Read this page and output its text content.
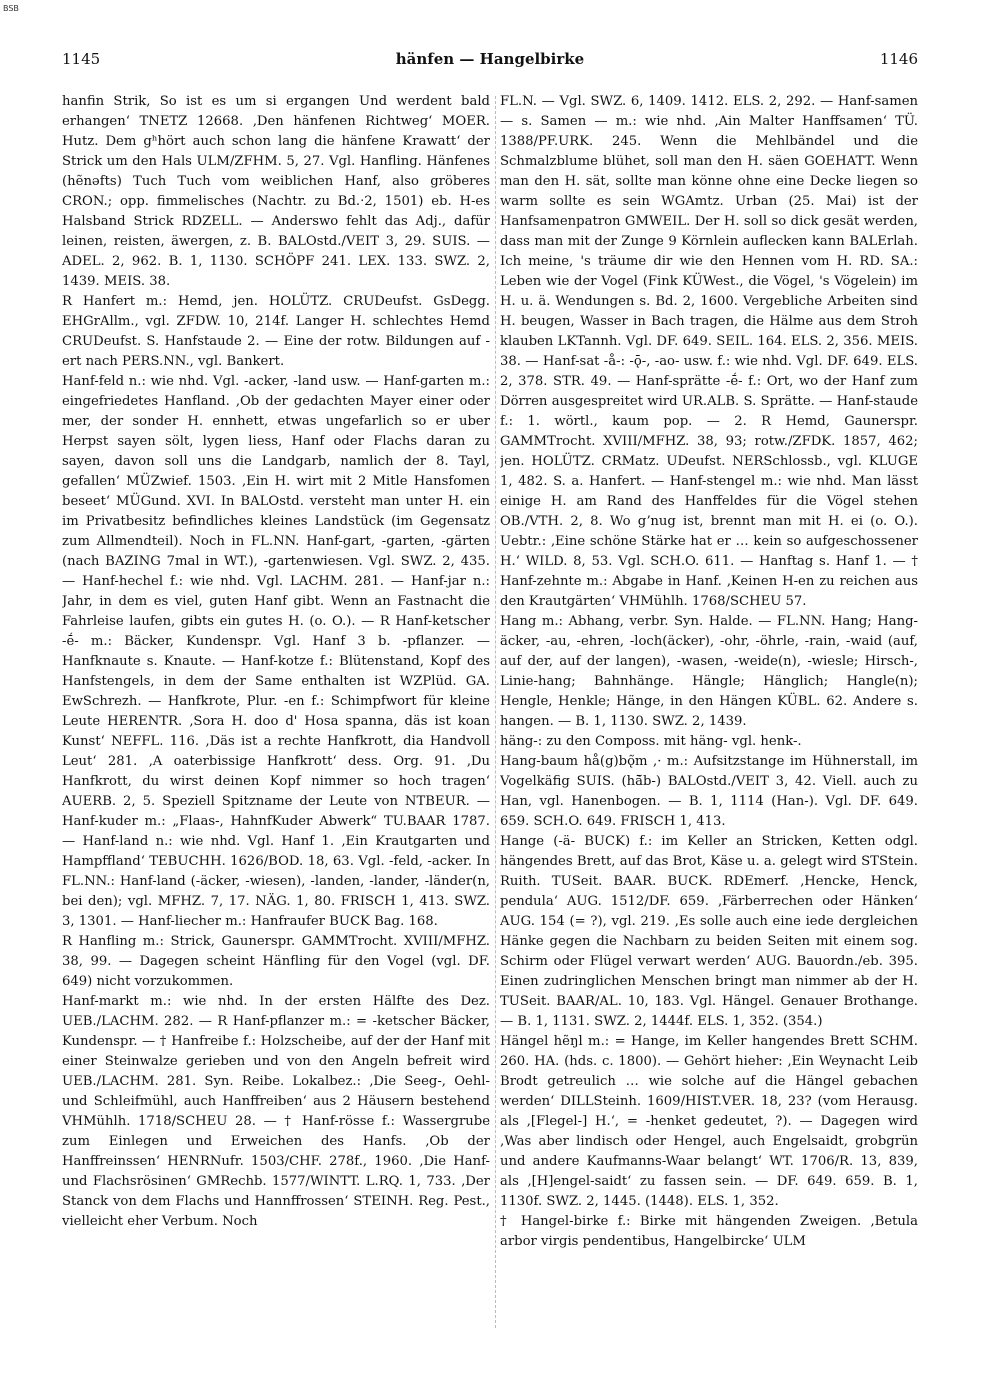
BSB
1145	hänfen — Hangelbirke	1146

hanfin Strik, So ist es um si ergangen Und werdent bald erhangen‘ TNETZ 12668. ‚Den hänfenen Richtweg‘ MOER. Hutz. Dem gʰhört auch schon lang die hänfene Krawatt‘ der Strick um den Hals ULM/ZFHM. 5, 27. Vgl. Hanfling. Hänfenes (hẽnəfts) Tuch Tuch vom weiblichen Hanf, also gröberes CRON.; opp. fimmelisches (Nachtr. zu Bd.‧2, 1501) eb. H-es Halsband Strick RDZELL. — Anderswo fehlt das Adj., dafür leinen, reisten, äwergen, z. B. BALOstd./VEIT 3, 29. SUIS. — ADEL. 2, 962. B. 1, 1130. SCHÖPF 241. LEX. 133. SWZ. 2, 1439. MEIS. 38.

R Hanfert m.: Hemd, jen. HOLÜTZ. CRUDeufst. GsDegg. EHGrAllm., vgl. ZFDW. 10, 214f. Langer H. schlechtes Hemd CRUDeufst. S. Hanfstaude 2. — Eine der rotw. Bildungen auf -ert nach PERS.NN., vgl. Bankert.

Hanf-feld n.: wie nhd. Vgl. -acker, -land usw. — Hanf-garten m.: eingefriedetes Hanfland. ‚Ob der gedachten Mayer einer oder mer, der sonder H. ennhett, etwas ungefarlich so er uber Herpst sayen sölt, lygen liess, Hanf oder Flachs daran zu sayen, davon soll uns die Landgarb, namlich der 8. Tayl, gefallen‘ MÜZwief. 1503. ‚Ein H. wirt mit 2 Mitle Hansfomen beseet‘ MÜGund. XVI. In BALOstd. versteht man unter H. ein im Privatbesitz befindliches kleines Landstück (im Gegensatz zum Allmendteil). Noch in FL.NN. Hanf-gart, -garten, -gärten (nach BAZING 7mal in WT.), -gartenwiesen. Vgl. SWZ. 2, 435. — Hanf-hechel f.: wie nhd. Vgl. LACHM. 281. — Hanf-jar n.: Jahr, in dem es viel, guten Hanf gibt. Wenn an Fastnacht die Fahrleise laufen, gibts ein gutes H. (o. O.). — R Hanf-ketscher -ḗ- m.: Bäcker, Kundenspr. Vgl. Hanf 3 b. -pflanzer. — Hanfknaute s. Knaute. — Hanf-kotze f.: Blütenstand, Kopf des Hanfstengels, in dem der Same enthalten ist WZPlüd. GA. EwSchrezh. — Hanfkrote, Plur. -en f.: Schimpfwort für kleine Leute HERENTR. ‚Sora H. doo d' Hosa spanna, däs ist koan Kunst‘ NEFFL. 116. ‚Däs ist a rechte Hanfkrott, dia Handvoll Leut‘ 281. ‚A oaterbissige Hanfkrott‘ dess. Org. 91. ‚Du Hanfkrott, du wirst deinen Kopf nimmer so hoch tragen‘ AUERB. 2, 5. Speziell Spitzname der Leute von NTBEUR. — Hanf-kuder m.: „Flaas-, HahnfKuder Abwerk“ TU.BAAR 1787. — Hanf-land n.: wie nhd. Vgl. Hanf 1. ‚Ein Krautgarten und Hampffland‘ TEBUCHH. 1626/BOD. 18, 63. Vgl. -feld, -acker. In FL.NN.: Hanf-land (-äcker, -wiesen), -landen, -lander, -länder(n, bei den); vgl. MFHZ. 7, 17. NÄG. 1, 80. FRISCH 1, 413. SWZ. 3, 1301. — Hanf-liecher m.: Hanfraufer BUCK Bag. 168.

R Hanfling m.: Strick, Gaunerspr. GAMMTrocht. XVIII/MFHZ. 38, 99. — Dagegen scheint Hänfling für den Vogel (vgl. DF. 649) nicht vorzukommen.

Hanf-markt m.: wie nhd. In der ersten Hälfte des Dez. UEB./LACHM. 282. — R Hanf-pflanzer m.: = -ketscher Bäcker, Kundenspr. — † Hanfreibe f.: Holzscheibe, auf der der Hanf mit einer Steinwalze gerieben und von den Angeln befreit wird UEB./LACHM. 281. Syn. Reibe. Lokalbez.: ‚Die Seeg-, Oehl- und Schleifmühl, auch Hanffreiben‘ aus 2 Häusern bestehend VHMühlh. 1718/SCHEU 28. — † Hanf-rösse f.: Wassergrube zum Einlegen und Erweichen des Hanfs. ‚Ob der Hanffreinssen‘ HENRNufr. 1503/CHF. 278f., 1960. ‚Die Hanf- und Flachsrösinen‘ GMRechb. 1577/WINTT. L.RQ. 1, 733. ‚Der Stanck von dem Flachs und Hannffrossen‘ STEINH. Reg. Pest., vielleicht eher Verbum. Noch

FL.N. — Vgl. SWZ. 6, 1409. 1412. ELS. 2, 292. — Hanf-samen — s. Samen — m.: wie nhd. ‚Ain Malter Hanffsamen‘ TÜ. 1388/PF.URK. 245. Wenn die Mehlbändel und die Schmalzblume blühet, soll man den H. säen GOEHATT. Wenn man den H. sät, sollte man könne ohne eine Decke liegen so warm sollte es sein WGAmtz. Urban (25. Mai) ist der Hanfsamenpatron GMWEIL. Der H. soll so dick gesät werden, dass man mit der Zunge 9 Körnlein auflecken kann BALErlah. Ich meine, 's träume dir wie den Hennen vom H. RD. SA.: Leben wie der Vogel (Fink KÜWest., die Vögel, 's Vögelein) im H. u. ä. Wendungen s. Bd. 2, 1600. Vergebliche Arbeiten sind H. beugen, Wasser in Bach tragen, die Hälme aus dem Stroh klauben LKTannh. Vgl. DF. 649. SEIL. 164. ELS. 2, 356. MEIS. 38. — Hanf-sat -å-: -ǭ-, -ao- usw. f.: wie nhd. Vgl. DF. 649. ELS. 2, 378. STR. 49. — Hanf-sprätte -ḗ- f.: Ort, wo der Hanf zum Dörren ausgespreitet wird UR.ALB. S. Sprätte. — Hanf-staude f.: 1. wörtl., kaum pop. — 2. R Hemd, Gaunerspr. GAMMTrocht. XVIII/MFHZ. 38, 93; rotw./ZFDK. 1857, 462; jen. HOLÜTZ. CRMatz. UDeufst. NERSchlossb., vgl. KLUGE 1, 482. S. a. Hanfert. — Hanf-stengel m.: wie nhd. Man lässt einige H. am Rand des Hanffeldes für die Vögel stehen OB./VTH. 2, 8. Wo gʼnug ist, brennt man mit H. ei (o. O.). Uebtr.: ‚Eine schöne Stärke hat er … kein so aufgeschossener H.‘ WILD. 8, 53. Vgl. SCH.O. 611. — Hanftag s. Hanf 1. — † Hanf-zehnte m.: Abgabe in Hanf. ‚Keinen H-en zu reichen aus den Krautgärten‘ VHMühlh. 1768/SCHEU 57.

Hang m.: Abhang, verbr. Syn. Halde. — FL.NN. Hang; Hang-äcker, -au, -ehren, -loch(äcker), -ohr, -öhrle, -rain, -waid (auf, auf der, auf der langen), -wasen, -weide(n), -wiesle; Hirsch-, Linie-hang; Bahnhänge. Hängle; Hänglich; Hangle(n); Hengle, Henkle; Hänge, in den Hängen KÜBL. 62. Andere s. hangen. — B. 1, 1130. SWZ. 2, 1439.

häng-: zu den Composs. mit häng- vgl. henk-.

Hang-baum hå(g)bǫ̃m ,· m.: Aufsitzstange im Hühnerstall, im Vogelkäfig SUIS. (hā̆b-) BALOstd./VEIT 3, 42. Viell. auch zu Han, vgl. Hanenbogen. — B. 1, 1114 (Han-). Vgl. DF. 649. 659. SCH.O. 649. FRISCH 1, 413.

Hange (-ä- BUCK) f.: im Keller an Stricken, Ketten odgl. hängendes Brett, auf das Brot, Käse u. a. gelegt wird STStein. Ruith. TUSeit. BAAR. BUCK. RDEmerf. ‚Hencke, Henck, pendula‘ AUG. 1512/DF. 659. ‚Färberrechen oder Hänken‘ AUG. 154 (= ?), vgl. 219. ‚Es solle auch eine iede dergleichen Hänke gegen die Nachbarn zu beiden Seiten mit einem sog. Schirm oder Flügel verwart werden‘ AUG. Bauordn./eb. 395. Einen zudringlichen Menschen bringt man nimmer ab der H. TUSeit. BAAR/AL. 10, 183. Vgl. Hängel. Genauer Brothange. — B. 1, 1131. SWZ. 2, 1444f. ELS. 1, 352. (354.)

Hängel hẽŋl m.: = Hange, im Keller hangendes Brett SCHM. 260. HA. (hds. c. 1800). — Gehört hieher: ‚Ein Weynacht Leib Brodt getreulich … wie solche auf die Hängel gebachen werden‘ DILLSteinh. 1609/HIST.VER. 18, 23? (vom Herausg. als ‚[Flegel-] H.‘, = -henket gedeutet, ?). — Dagegen wird ‚Was aber lindisch oder Hengel, auch Engelsaidt, grobgrün und andere Kaufmanns-Waar belangt‘ WT. 1706/R. 13, 839, als ‚[H]engel-saidt‘ zu fassen sein. — DF. 649. 659. B. 1, 1130f. SWZ. 2, 1445. (1448). ELS. 1, 352.

† Hangel-birke f.: Birke mit hängenden Zweigen. ‚Betula arbor virgis pendentibus, Hangelbircke‘ ULM
